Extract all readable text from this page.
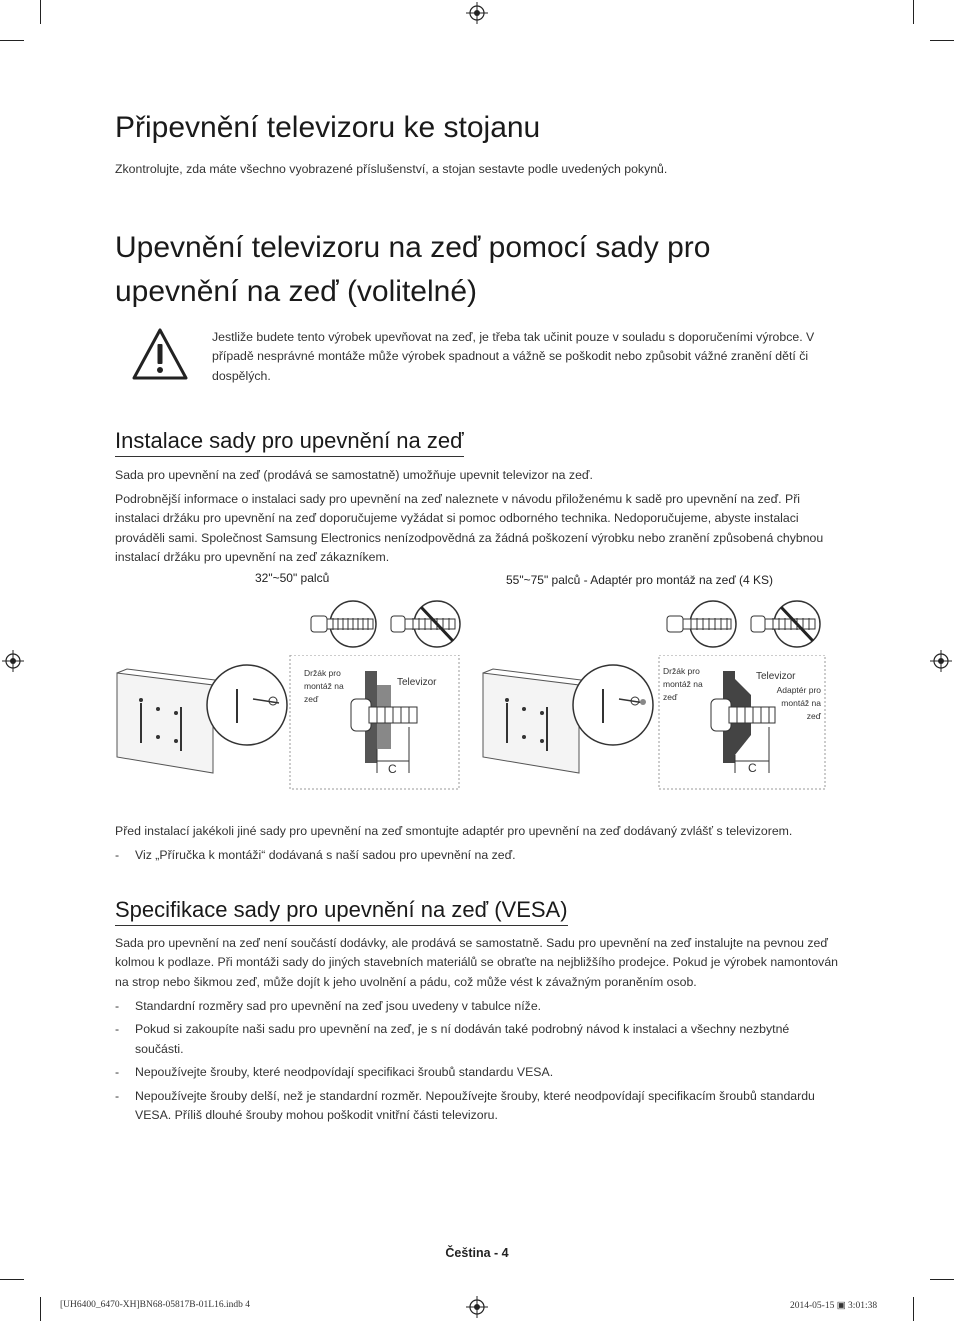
Připevnění televizoru ke stojanu

Zkontrolujte, zda máte všechno vyobrazené příslušenství, a stojan sestavte podle uvedených pokynů.

Upevnění televizoru na zeď pomocí sady pro
upevnění na zeď (volitelné)

Jestliže budete tento výrobek upevňovat na zeď, je třeba tak učinit pouze v souladu s doporučeními výrobce. V případě nesprávné montáže může výrobek spadnout a vážně se poškodit nebo způsobit vážné zranění dětí či dospělých.

Instalace sady pro upevnění na zeď

Sada pro upevnění na zeď (prodává se samostatně) umožňuje upevnit televizor na zeď.

Podrobnější informace o instalaci sady pro upevnění na zeď naleznete v návodu přiloženému k sadě pro upevnění na zeď. Při instalaci držáku pro upevnění na zeď doporučujeme vyžádat si pomoc odborného technika. Nedoporučujeme, abyste instalaci prováděli sami. Společnost Samsung Electronics nenízodpovědná za žádná poškození výrobku nebo zranění způsobená chybnou instalací držáku pro upevnění na zeď zákazníkem.

32"~50" palců	55"~75" palců - Adaptér pro montáž na zeď (4 KS)
Držák pro montáž na zeď
Televizor
C
Držák pro montáž na zeď
Televizor
Adaptér pro montáž na zeď
C

Před instalací jakékoli jiné sady pro upevnění na zeď smontujte adaptér pro upevnění na zeď dodávaný zvlášť s televizorem.

- Viz „Příručka k montáži“ dodávaná s naší sadou pro upevnění na zeď.

Specifikace sady pro upevnění na zeď (VESA)

Sada pro upevnění na zeď není součástí dodávky, ale prodává se samostatně. Sadu pro upevnění na zeď instalujte na pevnou zeď kolmou k podlaze. Při montáži sady do jiných stavebních materiálů se obraťte na nejbližšího prodejce. Pokud je výrobek namontován na strop nebo šikmou zeď, může dojít k jeho uvolnění a pádu, což může vést k závažným poraněním osob.

- Standardní rozměry sad pro upevnění na zeď jsou uvedeny v tabulce níže.

- Pokud si zakoupíte naši sadu pro upevnění na zeď, je s ní dodáván také podrobný návod k instalaci a všechny nezbytné součásti.

- Nepoužívejte šrouby, které neodpovídají specifikaci šroubů standardu VESA.

- Nepoužívejte šrouby delší, než je standardní rozměr. Nepoužívejte šrouby, které neodpovídají specifikacím šroubů standardu VESA. Příliš dlouhé šrouby mohou poškodit vnitřní části televizoru.

Čeština - 4
[UH6400_6470-XH]BN68-05817B-01L16.indb 4	2014-05-15 ▣ 3:01:38
